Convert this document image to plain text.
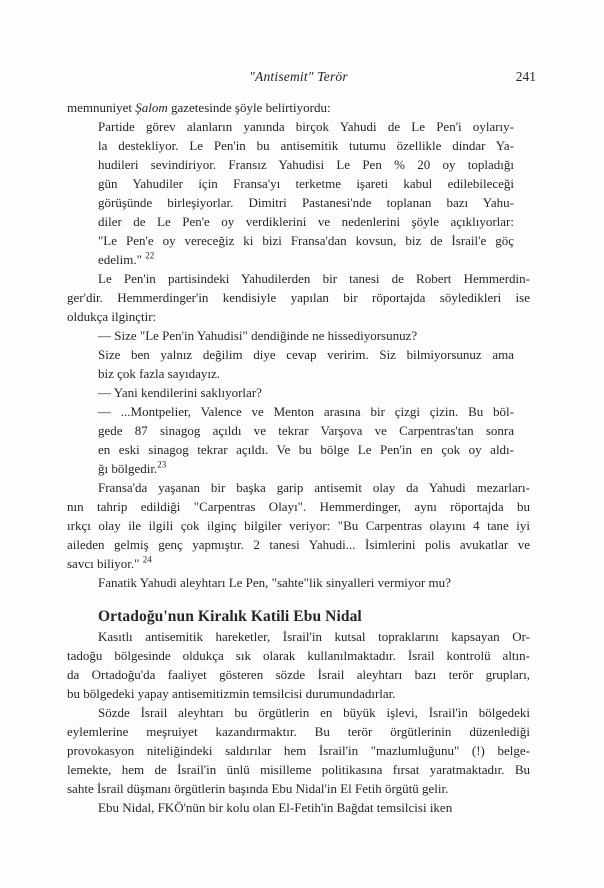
"Antisemit" Terör	241
memnuniyet Şalom gazetesinde şöyle belirtiyordu:
Partide görev alanların yanında birçok Yahudi de Le Pen'i oylarıy-
la destekliyor. Le Pen'in bu antisemitik tutumu özellikle dindar Ya-
hudileri sevindiriyor. Fransız Yahudisi Le Pen % 20 oy topladığı
gün Yahudiler için Fransa'yı terketme işareti kabul edilebileceği
görüşünde birleşiyorlar. Dimitri Pastanesi'nde toplanan bazı Yahu-
diler de Le Pen'e oy verdiklerini ve nedenlerini şöyle açıklıyorlar:
"Le Pen'e oy vereceğiz ki bizi Fransa'dan kovsun, biz de İsrail'e göç
edelim." $^{22}$
Le Pen'in partisindeki Yahudilerden bir tanesi de Robert Hemmerdin-
ger'dir. Hemmerdinger'in kendisiyle yapılan bir röportajda söyledikleri ise
oldukça ilginçtir:
— Size "Le Pen'in Yahudisi" dendiğinde ne hissediyorsunuz?
Size ben yalnız değilim diye cevap veririm. Siz bilmiyorsunuz ama
biz çok fazla sayıdayız.
— Yani kendilerini saklıyorlar?
— ...Montpelier, Valence ve Menton arasına bir çizgi çizin. Bu böl-
gede 87 sinagog açıldı ve tekrar Varşova ve Carpentras'tan sonra
en eski sinagog tekrar açıldı. Ve bu bölge Le Pen'in en çok oy aldı-
ğı bölgedir.$^{23}$
Fransa'da yaşanan bir başka garip antisemit olay da Yahudi mezarları-
nın tahrip edildiği "Carpentras Olayı". Hemmerdinger, aynı röportajda bu
ırkçı olay ile ilgili çok ilginç bilgiler veriyor: "Bu Carpentras olayını 4 tane iyi
aileden gelmiş genç yapmıştır. 2 tanesi Yahudi... İsimlerini polis avukatlar ve
savcı biliyor." $^{24}$
Fanatik Yahudi aleyhtarı Le Pen, "sahte"lik sinyalleri vermiyor mu?
Ortadoğu'nun Kiralık Katili Ebu Nidal
Kasıtlı antisemitik hareketler, İsrail'in kutsal topraklarını kapsayan Or-
tadoğu bölgesinde oldukça sık olarak kullanılmaktadır. İsrail kontrolü altın-
da Ortadoğu'da faaliyet gösteren sözde İsrail aleyhtarı bazı terör grupları,
bu bölgedeki yapay antisemitizmin temsilcisi durumundadırlar.
Sözde İsrail aleyhtarı bu örgütlerin en büyük işlevi, İsrail'in bölgedeki
eylemlerine meşruiyet kazandırmaktır. Bu terör örgütlerinin düzenlediği
provokasyon niteliğindeki saldırılar hem İsrail'in "mazlumluğunu" (!) belge-
lemekte, hem de İsrail'in ünlü misilleme politikasına fırsat yaratmaktadır. Bu
sahte İsrail düşmanı örgütlerin başında Ebu Nidal'in El Fetih örgütü gelir.
Ebu Nidal, FKÖ'nün bir kolu olan El-Fetih'in Bağdat temsilcisi iken
